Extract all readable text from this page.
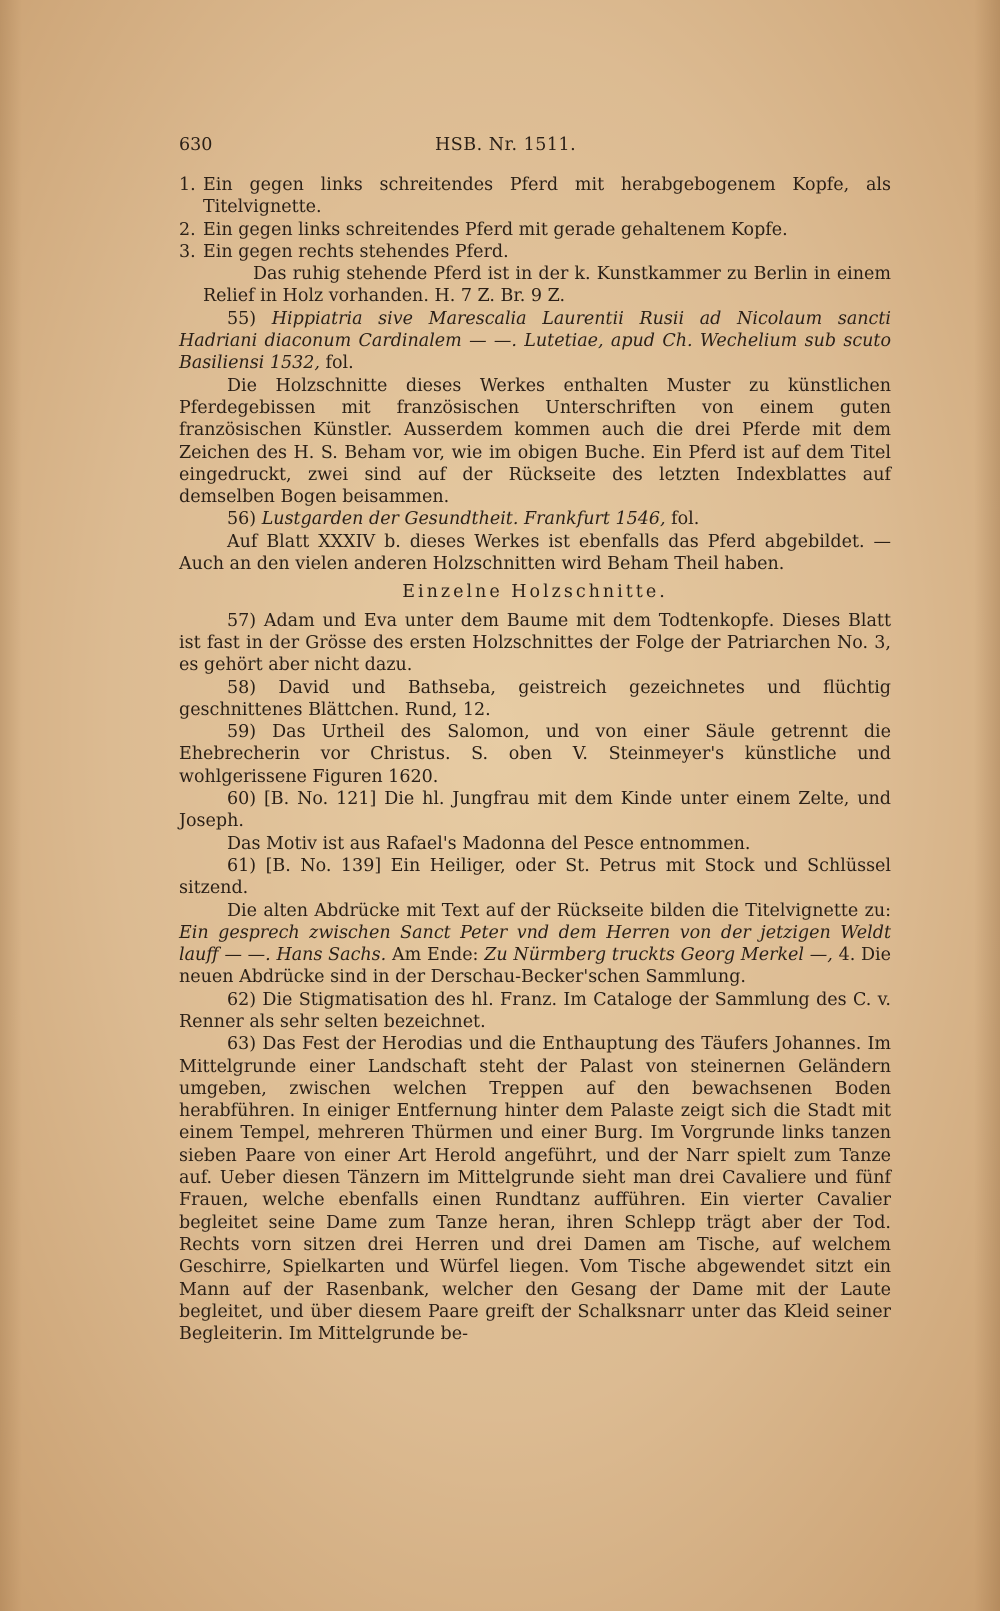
630	HSB. Nr. 1511.

1. Ein gegen links schreitendes Pferd mit herabgebogenem Kopfe, als Titelvignette.

2. Ein gegen links schreitendes Pferd mit gerade gehaltenem Kopfe.

3. Ein gegen rechts stehendes Pferd.

Das ruhig stehende Pferd ist in der k. Kunstkammer zu Berlin in einem Relief in Holz vorhanden. H. 7 Z. Br. 9 Z.

55) Hippiatria sive Marescalia Laurentii Rusii ad Nicolaum sancti Hadriani diaconum Cardinalem — —. Lutetiae, apud Ch. Wechelium sub scuto Basiliensi 1532, fol.

Die Holzschnitte dieses Werkes enthalten Muster zu künstlichen Pferdegebissen mit französischen Unterschriften von einem guten französischen Künstler. Ausserdem kommen auch die drei Pferde mit dem Zeichen des H. S. Beham vor, wie im obigen Buche. Ein Pferd ist auf dem Titel eingedruckt, zwei sind auf der Rückseite des letzten Indexblattes auf demselben Bogen beisammen.

56) Lustgarden der Gesundtheit. Frankfurt 1546, fol.

Auf Blatt XXXIV b. dieses Werkes ist ebenfalls das Pferd abgebildet. — Auch an den vielen anderen Holzschnitten wird Beham Theil haben.

Einzelne Holzschnitte.

57) Adam und Eva unter dem Baume mit dem Todtenkopfe. Dieses Blatt ist fast in der Grösse des ersten Holzschnittes der Folge der Patriarchen No. 3, es gehört aber nicht dazu.

58) David und Bathseba, geistreich gezeichnetes und flüchtig geschnittenes Blättchen. Rund, 12.

59) Das Urtheil des Salomon, und von einer Säule getrennt die Ehebrecherin vor Christus. S. oben V. Steinmeyer's künstliche und wohlgerissene Figuren 1620.

60) [B. No. 121] Die hl. Jungfrau mit dem Kinde unter einem Zelte, und Joseph.

Das Motiv ist aus Rafael's Madonna del Pesce entnommen.

61) [B. No. 139] Ein Heiliger, oder St. Petrus mit Stock und Schlüssel sitzend.

Die alten Abdrücke mit Text auf der Rückseite bilden die Titelvignette zu: Ein gesprech zwischen Sanct Peter vnd dem Herren von der jetzigen Weldt lauff — —. Hans Sachs. Am Ende: Zu Nürmberg truckts Georg Merkel —, 4. Die neuen Abdrücke sind in der Derschau-Becker'schen Sammlung.

62) Die Stigmatisation des hl. Franz. Im Cataloge der Sammlung des C. v. Renner als sehr selten bezeichnet.

63) Das Fest der Herodias und die Enthauptung des Täufers Johannes. Im Mittelgrunde einer Landschaft steht der Palast von steinernen Geländern umgeben, zwischen welchen Treppen auf den bewachsenen Boden herabführen. In einiger Entfernung hinter dem Palaste zeigt sich die Stadt mit einem Tempel, mehreren Thürmen und einer Burg. Im Vorgrunde links tanzen sieben Paare von einer Art Herold angeführt, und der Narr spielt zum Tanze auf. Ueber diesen Tänzern im Mittelgrunde sieht man drei Cavaliere und fünf Frauen, welche ebenfalls einen Rundtanz aufführen. Ein vierter Cavalier begleitet seine Dame zum Tanze heran, ihren Schlepp trägt aber der Tod. Rechts vorn sitzen drei Herren und drei Damen am Tische, auf welchem Geschirre, Spielkarten und Würfel liegen. Vom Tische abgewendet sitzt ein Mann auf der Rasenbank, welcher den Gesang der Dame mit der Laute begleitet, und über diesem Paare greift der Schalksnarr unter das Kleid seiner Begleiterin. Im Mittelgrunde be-
